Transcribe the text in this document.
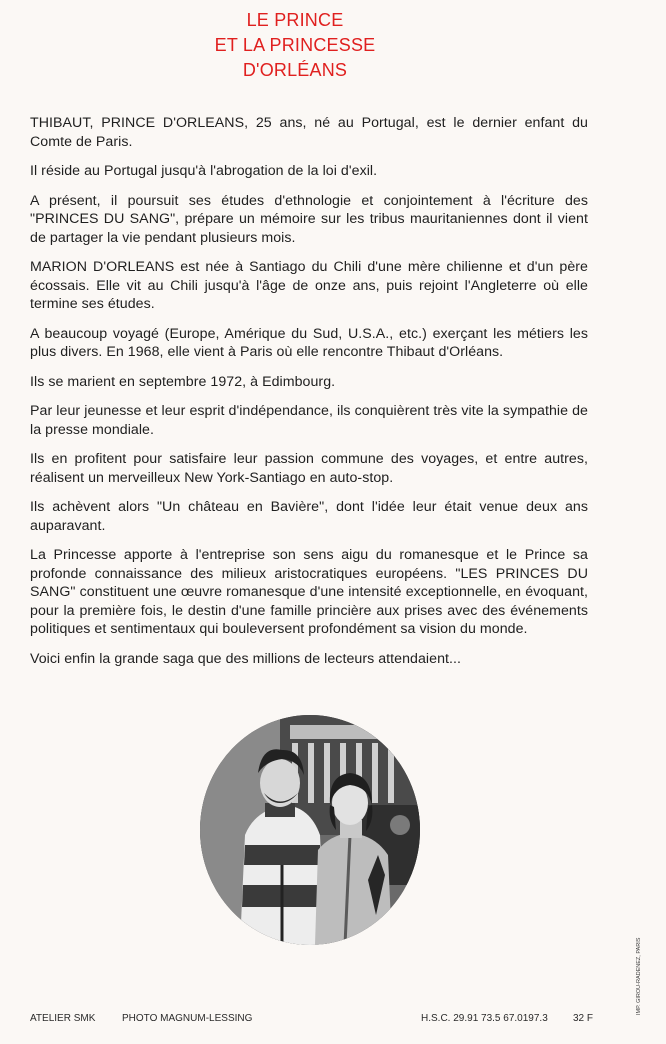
LE PRINCE
ET LA PRINCESSE
D'ORLÉANS

THIBAUT, PRINCE D'ORLEANS, 25 ans, né au Portugal, est le dernier enfant du Comte de Paris.

Il réside au Portugal jusqu'à l'abrogation de la loi d'exil.

A présent, il poursuit ses études d'ethnologie et conjointement à l'écriture des "PRINCES DU SANG", prépare un mémoire sur les tribus mauritaniennes dont il vient de partager la vie pendant plusieurs mois.

MARION D'ORLEANS est née à Santiago du Chili d'une mère chilienne et d'un père écossais. Elle vit au Chili jusqu'à l'âge de onze ans, puis rejoint l'Angleterre où elle termine ses études.

A beaucoup voyagé (Europe, Amérique du Sud, U.S.A., etc.) exerçant les métiers les plus divers. En 1968, elle vient à Paris où elle rencontre Thibaut d'Orléans.

Ils se marient en septembre 1972, à Edimbourg.

Par leur jeunesse et leur esprit d'indépendance, ils conquièrent très vite la sympathie de la presse mondiale.

Ils en profitent pour satisfaire leur passion commune des voyages, et entre autres, réalisent un merveilleux New York-Santiago en auto-stop.

Ils achèvent alors "Un château en Bavière", dont l'idée leur était venue deux ans auparavant.

La Princesse apporte à l'entreprise son sens aigu du romanesque et le Prince sa profonde connaissance des milieux aristocratiques européens. "LES PRINCES DU SANG" constituent une œuvre romanesque d'une intensité exceptionnelle, en évoquant, pour la première fois, le destin d'une famille princière aux prises avec des événements politiques et sentimentaux qui bouleversent profondément sa vision du monde.

Voici enfin la grande saga que des millions de lecteurs attendaient...

ATELIER SMK	PHOTO MAGNUM-LESSING	H.S.C. 29.91 73.5 67.0197.3	32 F
IMP. GIROU-RADENEZ, PARIS
